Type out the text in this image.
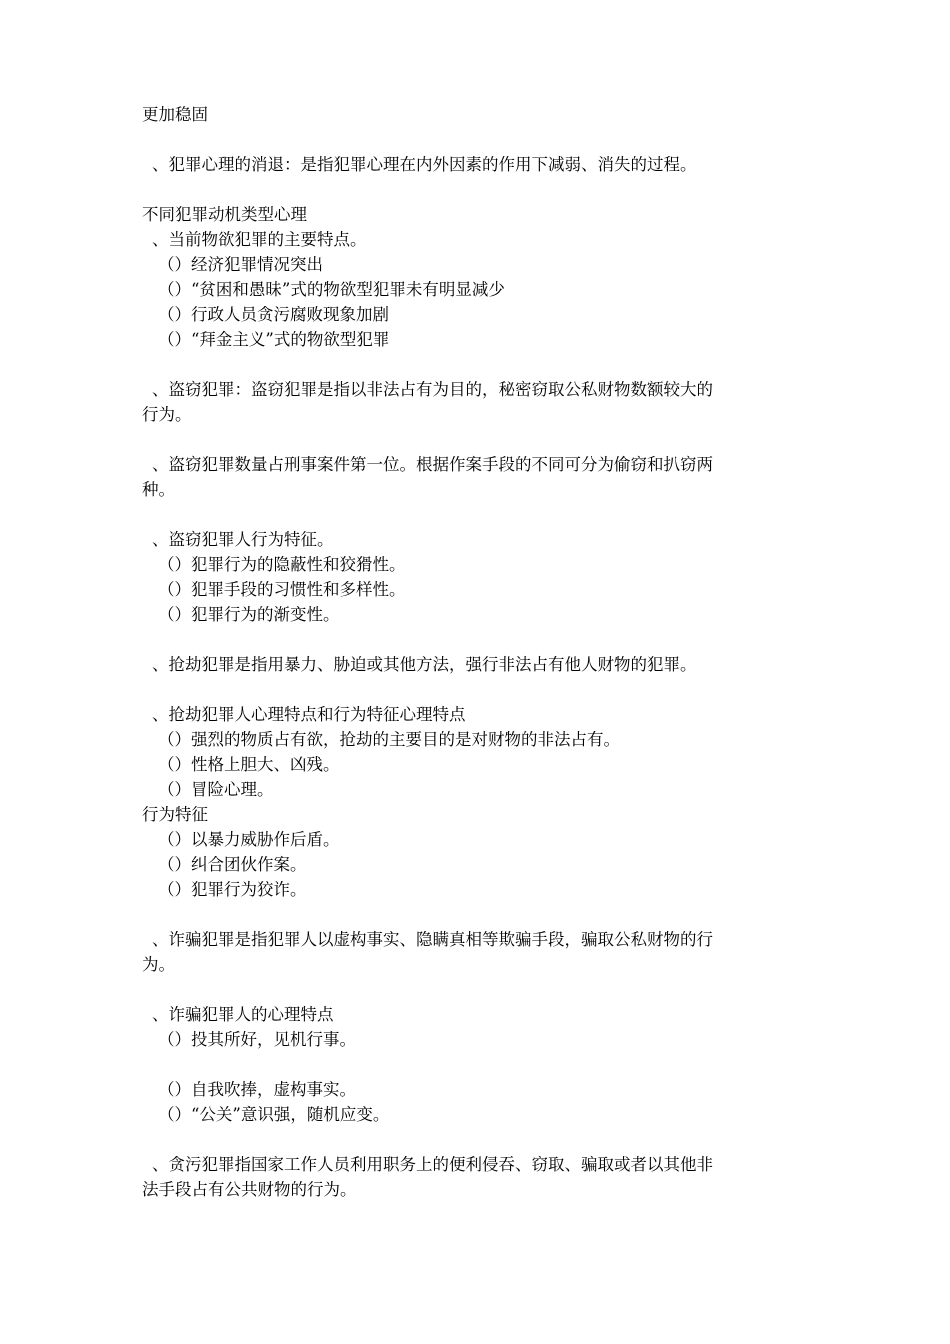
更加稳固
、犯罪心理的消退：是指犯罪心理在内外因素的作用下减弱、消失的过程。
不同犯罪动机类型心理
、当前物欲犯罪的主要特点。
（）经济犯罪情况突出
（）“贫困和愚昧”式的物欲型犯罪未有明显减少
（）行政人员贪污腐败现象加剧
（）“拜金主义”式的物欲型犯罪
、盗窃犯罪：盗窃犯罪是指以非法占有为目的，秘密窃取公私财物数额较大的
行为。
、盗窃犯罪数量占刑事案件第一位。根据作案手段的不同可分为偷窃和扒窃两
种。
、盗窃犯罪人行为特征。
（）犯罪行为的隐蔽性和狡猾性。
（）犯罪手段的习惯性和多样性。
（）犯罪行为的渐变性。
、抢劫犯罪是指用暴力、胁迫或其他方法，强行非法占有他人财物的犯罪。
、抢劫犯罪人心理特点和行为特征心理特点
（）强烈的物质占有欲，抢劫的主要目的是对财物的非法占有。
（）性格上胆大、凶残。
（）冒险心理。
行为特征
（）以暴力威胁作后盾。
（）纠合团伙作案。
（）犯罪行为狡诈。
、诈骗犯罪是指犯罪人以虚构事实、隐瞒真相等欺骗手段，骗取公私财物的行
为。
、诈骗犯罪人的心理特点
（）投其所好，见机行事。
（）自我吹捧，虚构事实。
（）“公关”意识强，随机应变。
、贪污犯罪指国家工作人员利用职务上的便利侵吞、窃取、骗取或者以其他非
法手段占有公共财物的行为。
